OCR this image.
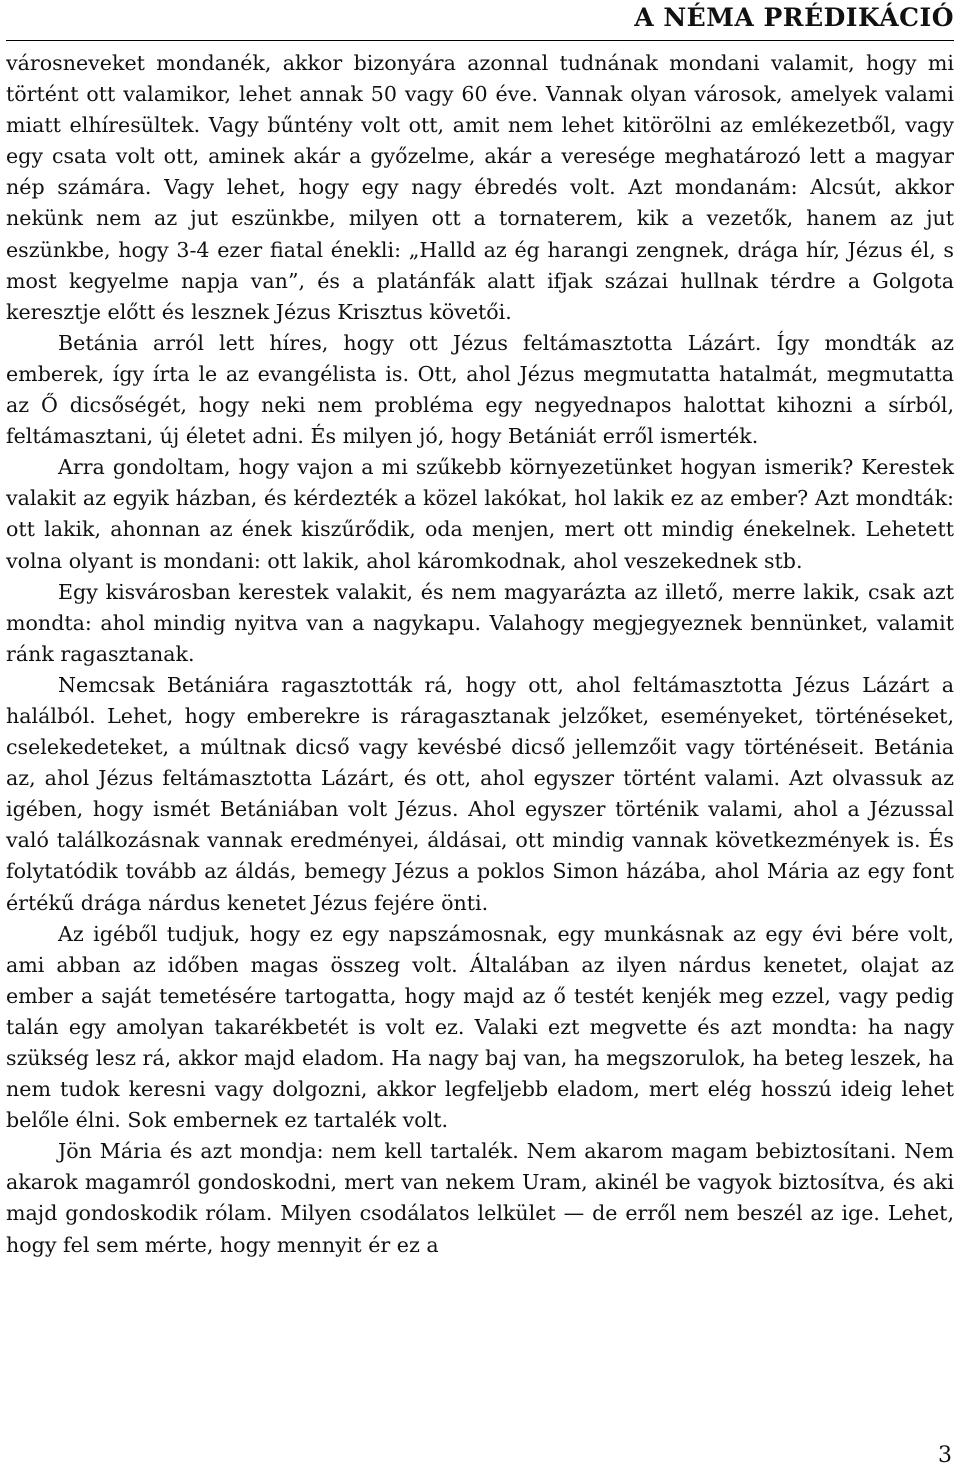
A NÉMA PRÉDIKÁCIÓ

városneveket mondanék, akkor bizonyára azonnal tudnának mondani valamit, hogy mi történt ott valamikor, lehet annak 50 vagy 60 éve. Vannak olyan városok, amelyek valami miatt elhíresültek. Vagy bűntény volt ott, amit nem lehet kitörölni az emlékezetből, vagy egy csata volt ott, aminek akár a győzelme, akár a veresége meghatározó lett a magyar nép számára. Vagy lehet, hogy egy nagy ébredés volt. Azt mondanám: Alcsút, akkor nekünk nem az jut eszünkbe, milyen ott a tornaterem, kik a vezetők, hanem az jut eszünkbe, hogy 3-4 ezer fiatal énekli: „Halld az ég harangi zengnek, drága hír, Jézus él, s most kegyelme napja van”, és a platánfák alatt ifjak százai hullnak térdre a Golgota keresztje előtt és lesznek Jézus Krisztus követői.

Betánia arról lett híres, hogy ott Jézus feltámasztotta Lázárt. Így mondták az emberek, így írta le az evangélista is. Ott, ahol Jézus megmutatta hatalmát, megmutatta az Ő dicsőségét, hogy neki nem probléma egy negyednapos halottat kihozni a sírból, feltámasztani, új életet adni. És milyen jó, hogy Betániát erről ismerték.

Arra gondoltam, hogy vajon a mi szűkebb környezetünket hogyan ismerik? Kerestek valakit az egyik házban, és kérdezték a közel lakókat, hol lakik ez az ember? Azt mondták: ott lakik, ahonnan az ének kiszűrődik, oda menjen, mert ott mindig énekelnek. Lehetett volna olyant is mondani: ott lakik, ahol káromkodnak, ahol veszekednek stb.

Egy kisvárosban kerestek valakit, és nem magyarázta az illető, merre lakik, csak azt mondta: ahol mindig nyitva van a nagykapu. Valahogy megjegyeznek bennünket, valamit ránk ragasztanak.

Nemcsak Betániára ragasztották rá, hogy ott, ahol feltámasztotta Jézus Lázárt a halálból. Lehet, hogy emberekre is ráragasztanak jelzőket, eseményeket, történéseket, cselekedeteket, a múltnak dicső vagy kevésbé dicső jellemzőit vagy történéseit. Betánia az, ahol Jézus feltámasztotta Lázárt, és ott, ahol egyszer történt valami. Azt olvassuk az igében, hogy ismét Betániában volt Jézus. Ahol egyszer történik valami, ahol a Jézussal való találkozásnak vannak eredményei, áldásai, ott mindig vannak következmények is. És folytatódik tovább az áldás, bemegy Jézus a poklos Simon házába, ahol Mária az egy font értékű drága nárdus kenetet Jézus fejére önti.

Az igéből tudjuk, hogy ez egy napszámosnak, egy munkásnak az egy évi bére volt, ami abban az időben magas összeg volt. Általában az ilyen nárdus kenetet, olajat az ember a saját temetésére tartogatta, hogy majd az ő testét kenjék meg ezzel, vagy pedig talán egy amolyan takarékbetét is volt ez. Valaki ezt megvette és azt mondta: ha nagy szükség lesz rá, akkor majd eladom. Ha nagy baj van, ha megszorulok, ha beteg leszek, ha nem tudok keresni vagy dolgozni, akkor legfeljebb eladom, mert elég hosszú ideig lehet belőle élni. Sok embernek ez tartalék volt.

Jön Mária és azt mondja: nem kell tartalék. Nem akarom magam bebiztosítani. Nem akarok magamról gondoskodni, mert van nekem Uram, akinél be vagyok biztosítva, és aki majd gondoskodik rólam. Milyen csodálatos lelkület — de erről nem beszél az ige. Lehet, hogy fel sem mérte, hogy mennyit ér ez a

3
